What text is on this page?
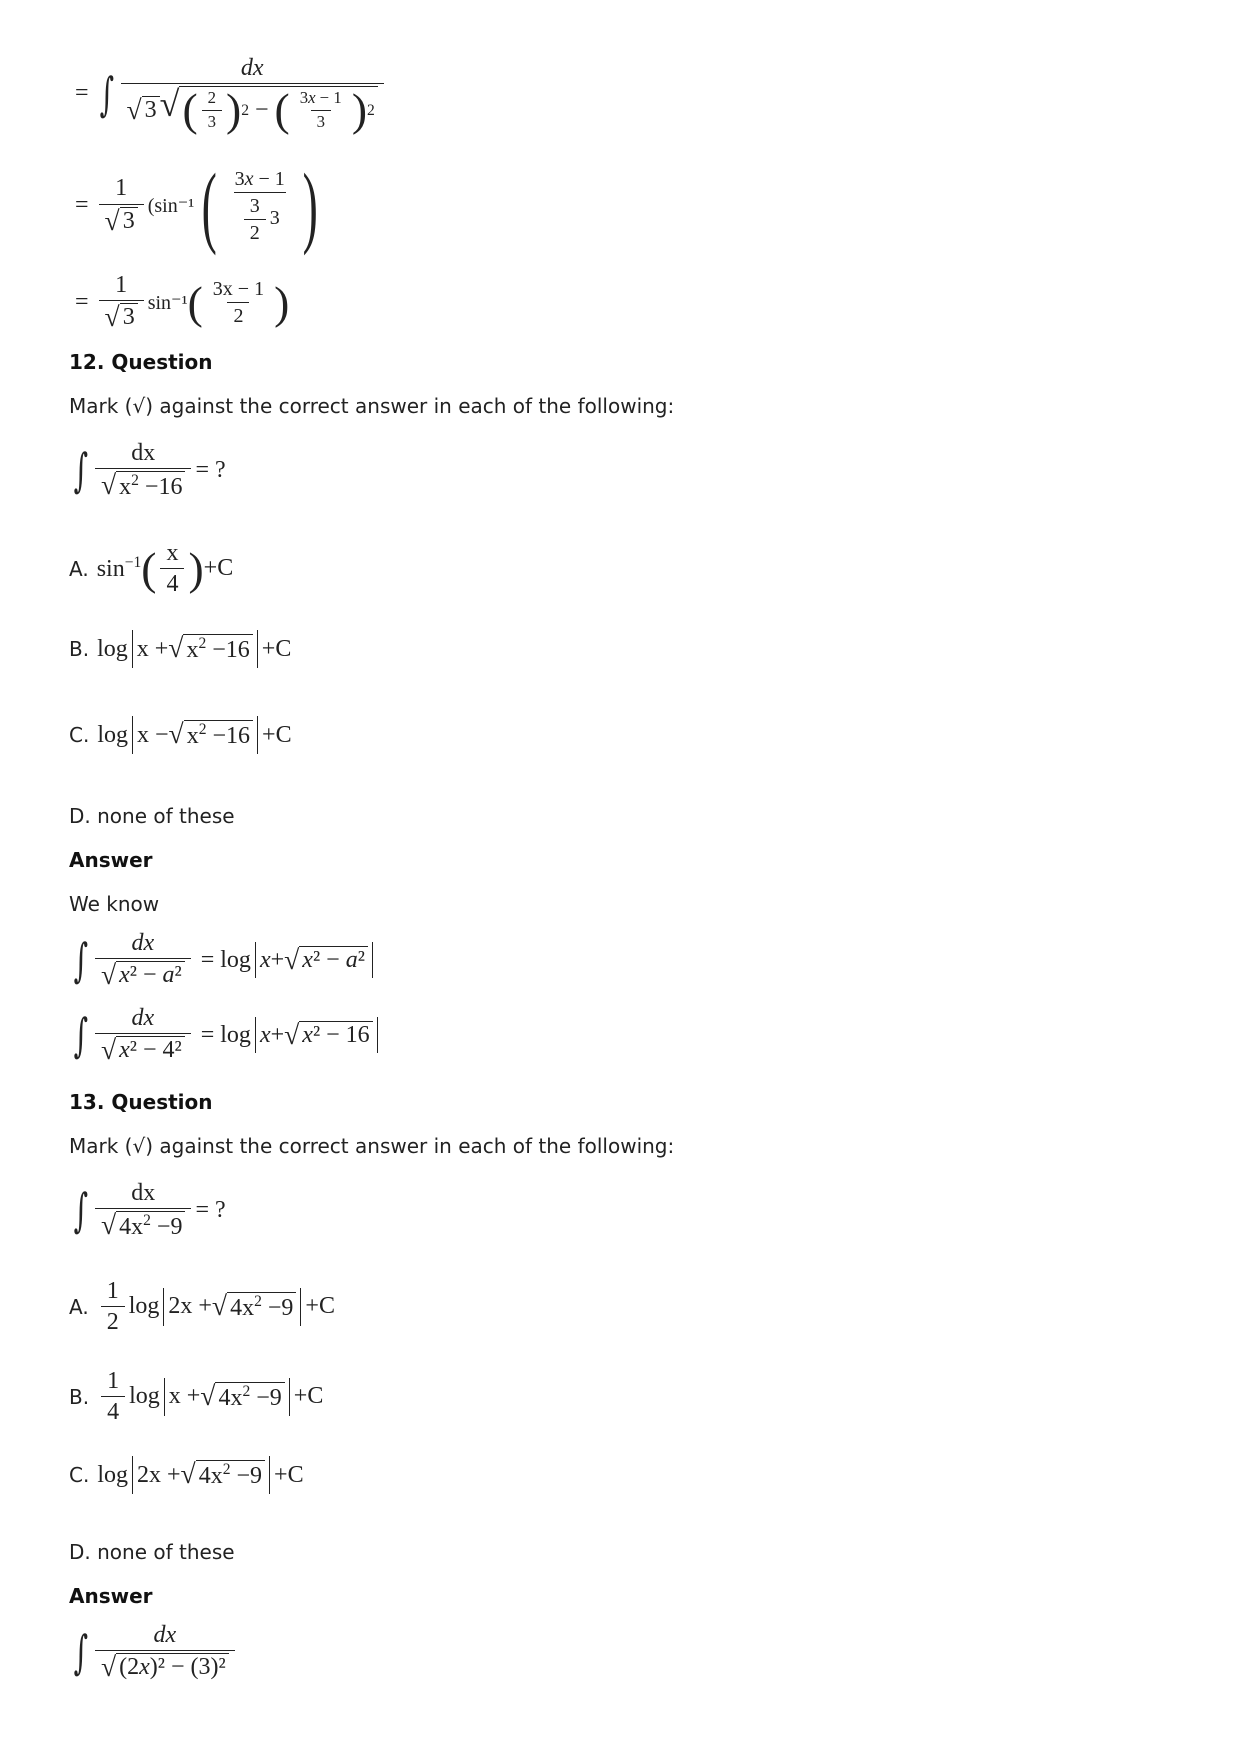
= ∫	dx
√ 3 √ ( $\frac{2}{3}$ ) 2 − ( $\frac{3x - 1}{3}$ ) 2
= $\frac{1}{√ 3} (\sin^{-1}$ ( $\frac{3x - 1}{\frac{3}{2} 3}$ )
= $\frac{1}{√ 3} \sin^{-1}$ ( $\frac{3x - 1}{2}$ )
12. Question
Mark (√) against the correct answer in each of the following:
∫ $\frac{dx}{√ x^2 -16}$ = ?
A. $\sin^{-1}$ ( $\frac{x}{4}$ ) +C
B. log x + √ $x^2 -16 +C$
C. log x − √ $x^2 -16 +C$
D. none of these
Answer
We know
∫ $\frac{dx}{\text{√ x² − a²}} = \log x$ + √ x² − a²
∫ $\frac{dx}{\text{√ x² − 4²}} = \log x$ + √ x² − 16
13. Question
Mark (√) against the correct answer in each of the following:
∫ $\frac{dx}{√ 4x^2 -9}$ = ?
A. $\frac{1}{2}$ log 2x + √ $4x^2 -9 +C$
B. $\frac{1}{4}$ log x + √ $4x^2 -9 +C$
C. log 2x + √ $4x^2 -9 +C$
D. none of these
Answer
∫ $\frac{dx}{\text{√ (2x)² − (3)²}}$
